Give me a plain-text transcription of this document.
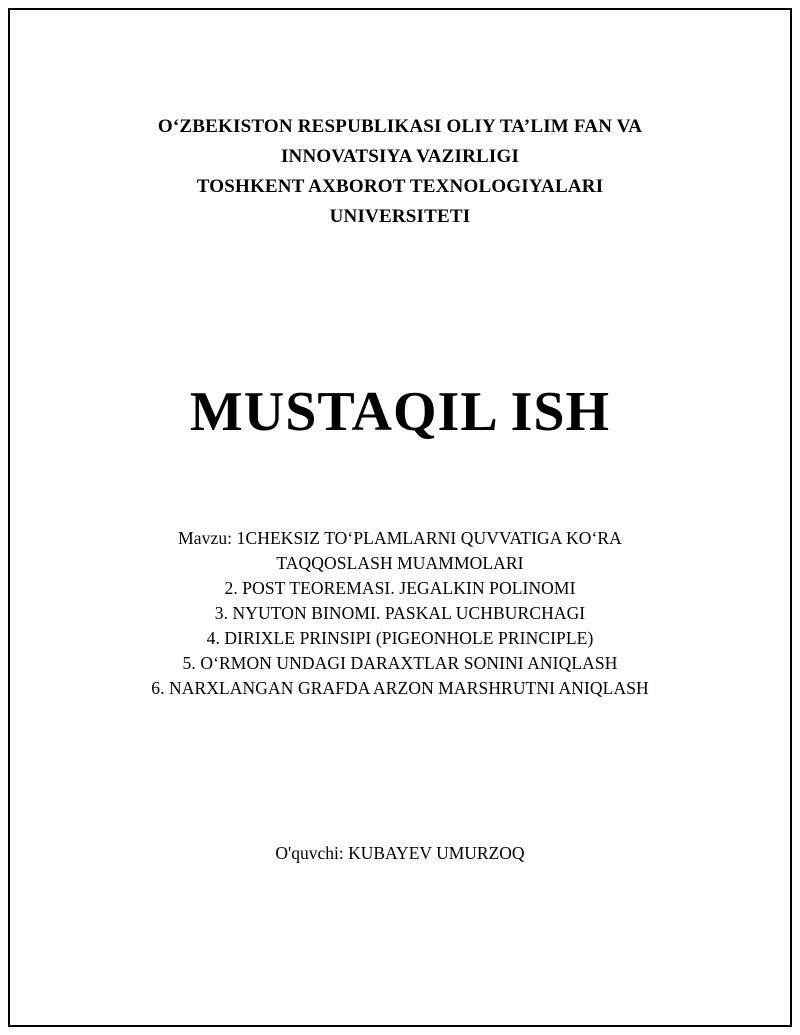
O‘ZBEKISTON RESPUBLIKASI OLIY TA’LIM FAN VA
INNOVATSIYA VAZIRLIGI
TOSHKENT AXBOROT TEXNOLOGIYALARI
UNIVERSITETI
MUSTAQIL ISH
Mavzu: 1CHEKSIZ TO‘PLAMLARNI QUVVATIGA KO‘RA
TAQQOSLASH MUAMMOLARI
2. POST TEOREMASI. JEGALKIN POLINOMI
3. NYUTON BINOMI. PASKAL UCHBURCHAGI
4. DIRIXLE PRINSIPI (PIGEONHOLE PRINCIPLE)
5. O‘RMON UNDAGI DARAXTLAR SONINI ANIQLASH
6. NARXLANGAN GRAFDA ARZON MARSHRUTNI ANIQLASH
O'quvchi: KUBAYEV UMURZOQ
